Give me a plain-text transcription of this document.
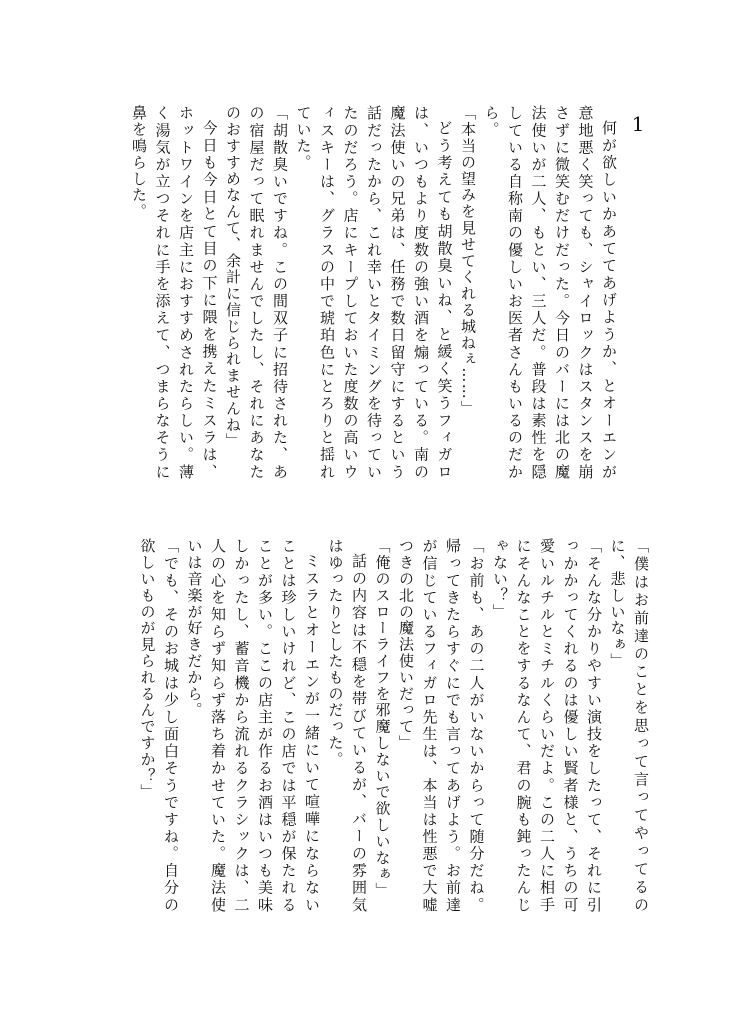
1

何が欲しいかあててあげようか、とオーエンが意地悪く笑っても、シャイロックはスタンスを崩さずに微笑むだけだった。今日のバーには北の魔法使いが二人、もとい、三人だ。普段は素性を隠している自称南の優しいお医者さんもいるのだから。

「本当の望みを見せてくれる城ねぇ……」

どう考えても胡散臭いね、と緩く笑うフィガロは、いつもより度数の強い酒を煽っている。南の魔法使いの兄弟は、任務で数日留守にするという話だったから、これ幸いとタイミングを待っていたのだろう。店にキープしておいた度数の高いウィスキーは、グラスの中で琥珀色にとろりと揺れていた。

「胡散臭いですね。この間双子に招待された、あの宿屋だって眠れませんでしたし、それにあなたのおすすめなんて、余計に信じられませんね」

今日も今日とて目の下に隈を携えたミスラは、ホットワインを店主におすすめされたらしい。薄く湯気が立つそれに手を添えて、つまらなそうに鼻を鳴らした。

「僕はお前達のことを思って言ってやってるのに、悲しいなぁ」

「そんな分かりやすい演技をしたって、それに引っかかってくれるのは優しい賢者様と、うちの可愛いルチルとミチルくらいだよ。この二人に相手にそんなことをするなんて、君の腕も鈍ったんじゃない？」

「お前も、あの二人がいないからって随分だね。帰ってきたらすぐにでも言ってあげよう。お前達が信じているフィガロ先生は、本当は性悪で大嘘つきの北の魔法使いだって」

「俺のスローライフを邪魔しないで欲しいなぁ」

話の内容は不穏を帯びているが、バーの雰囲気はゆったりとしたものだった。

ミスラとオーエンが一緒にいて喧嘩にならないことは珍しいけれど、この店では平穏が保たれることが多い。ここの店主が作るお酒はいつも美味しかったし、蓄音機から流れるクラシックは、二人の心を知らず知らず落ち着かせていた。魔法使いは音楽が好きだから。

「でも、そのお城は少し面白そうですね。自分の欲しいものが見られるんですか？」
